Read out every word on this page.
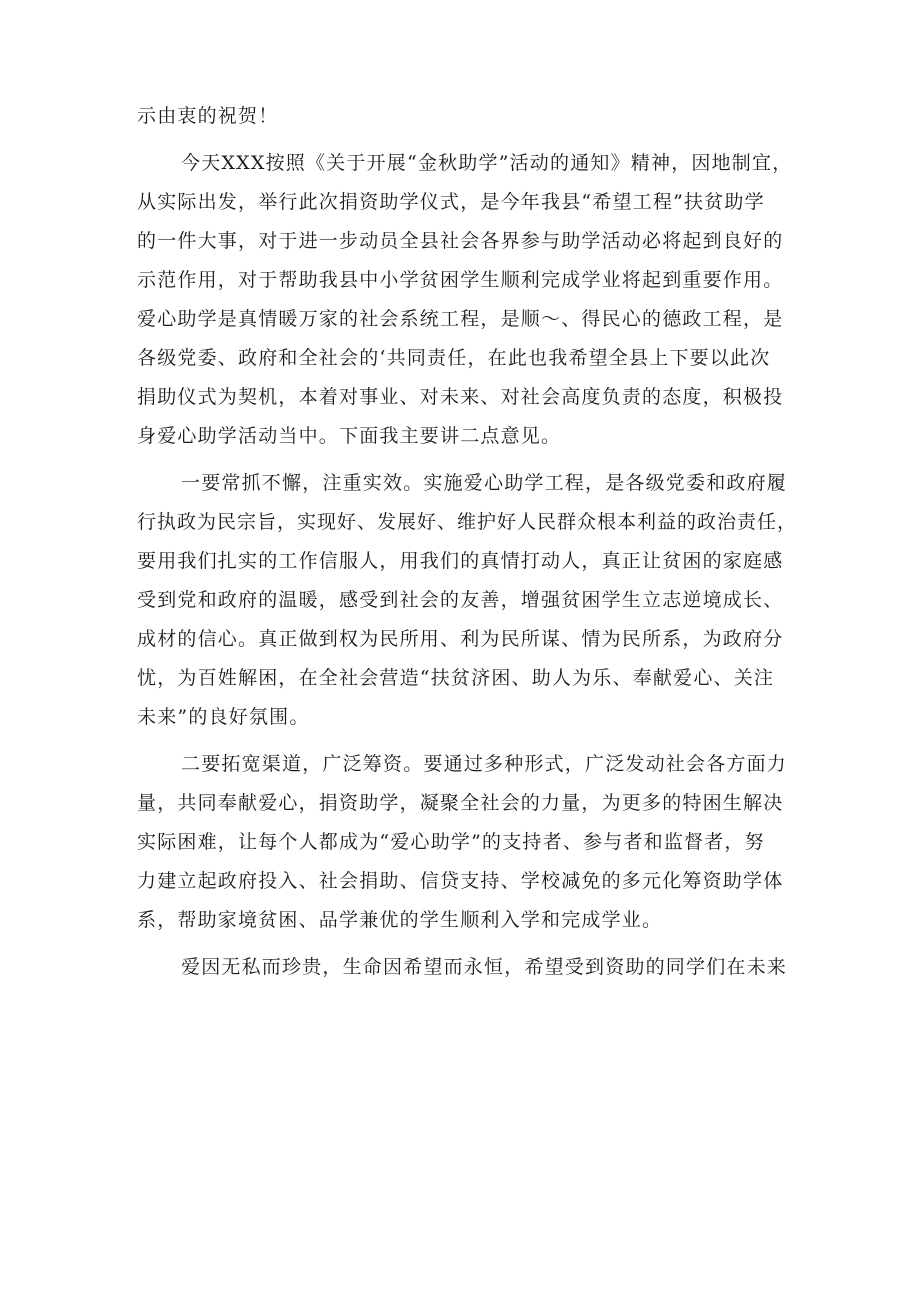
示由衷的祝贺！
今天XXX按照《关于开展“金秋助学”活动的通知》精神，因地制宜，
从实际出发，举行此次捐资助学仪式，是今年我县“希望工程”扶贫助学
的一件大事，对于进一步动员全县社会各界参与助学活动必将起到良好的
示范作用，对于帮助我县中小学贫困学生顺利完成学业将起到重要作用。
爱心助学是真情暖万家的社会系统工程，是顺～、得民心的德政工程，是
各级党委、政府和全社会的‘共同责任，在此也我希望全县上下要以此次
捐助仪式为契机，本着对事业、对未来、对社会高度负责的态度，积极投
身爱心助学活动当中。下面我主要讲二点意见。
一要常抓不懈，注重实效。实施爱心助学工程，是各级党委和政府履
行执政为民宗旨，实现好、发展好、维护好人民群众根本利益的政治责任，
要用我们扎实的工作信服人，用我们的真情打动人，真正让贫困的家庭感
受到党和政府的温暖，感受到社会的友善，增强贫困学生立志逆境成长、
成材的信心。真正做到权为民所用、利为民所谋、情为民所系，为政府分
忧，为百姓解困，在全社会营造“扶贫济困、助人为乐、奉献爱心、关注
未来”的良好氛围。
二要拓宽渠道，广泛筹资。要通过多种形式，广泛发动社会各方面力
量，共同奉献爱心，捐资助学，凝聚全社会的力量，为更多的特困生解决
实际困难，让每个人都成为“爱心助学”的支持者、参与者和监督者，努
力建立起政府投入、社会捐助、信贷支持、学校减免的多元化筹资助学体
系，帮助家境贫困、品学兼优的学生顺利入学和完成学业。
爱因无私而珍贵，生命因希望而永恒，希望受到资助的同学们在未来
